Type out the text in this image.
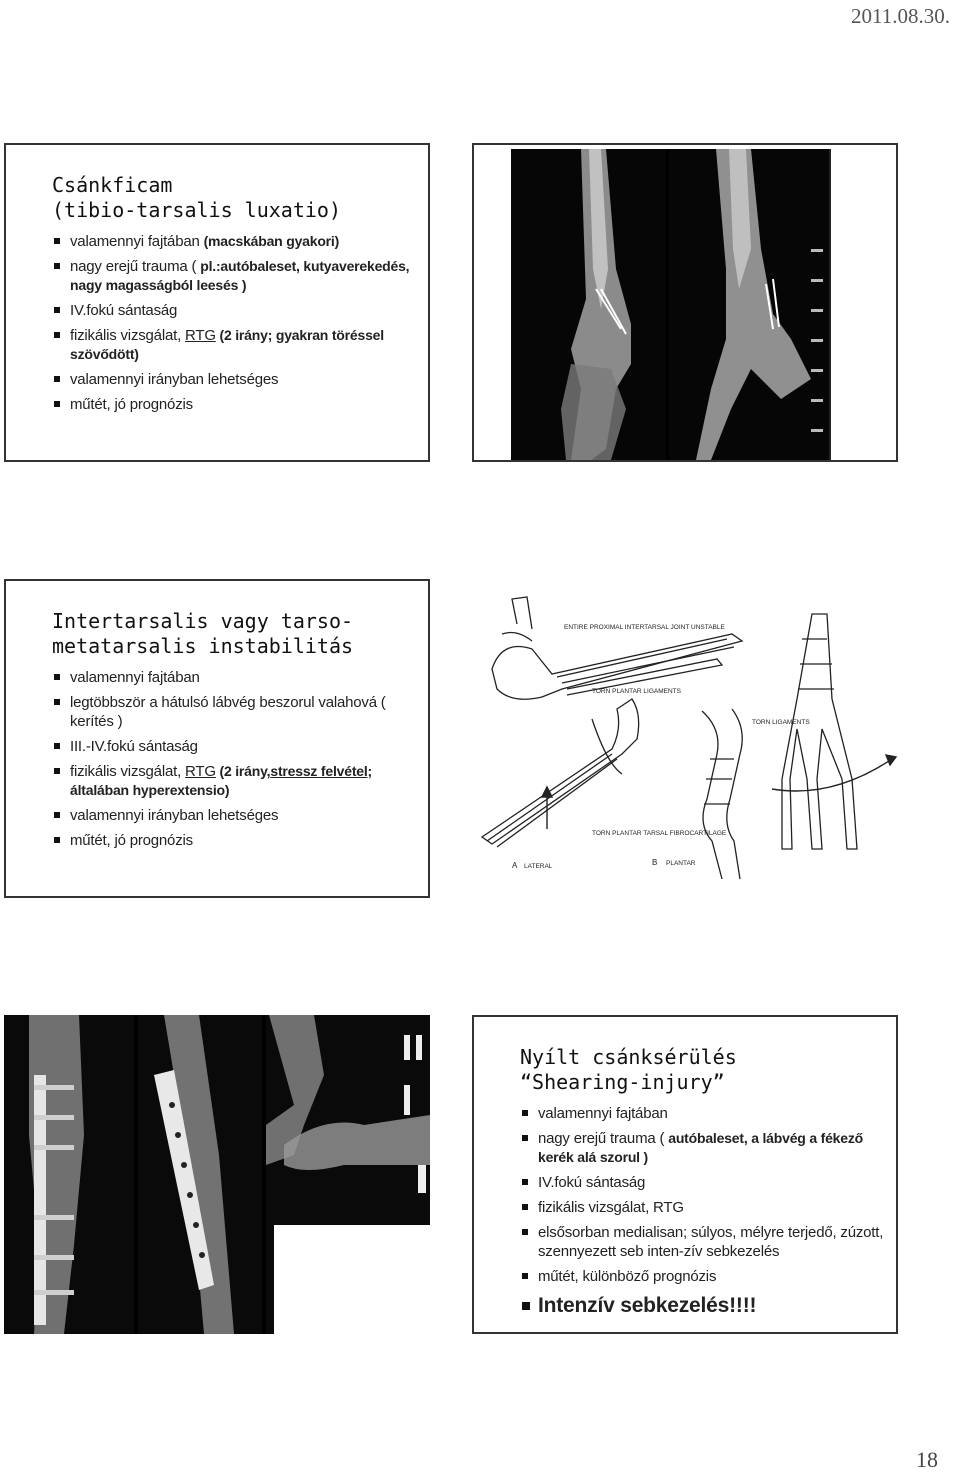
2011.08.30.
Csánkficam
(tibio-tarsalis luxatio)
valamennyi fajtában (macskában gyakori)
nagy erejű trauma ( pl.:autóbaleset, kutyaverekedés, nagy magasságból leesés )
IV.fokú sántaság
fizikális vizsgálat, RTG (2 irány; gyakran töréssel szövődött)
valamennyi irányban lehetséges
műtét, jó prognózis
Intertarsalis vagy tarso-
metatarsalis instabilitás
valamennyi fajtában
legtöbbször a hátulsó lábvég beszorul valahová ( kerítés )
III.-IV.fokú sántaság
fizikális vizsgálat, RTG (2 irány,stressz felvétel; általában hyperextensio)
valamennyi irányban lehetséges
műtét, jó prognózis
ENTIRE PROXIMAL INTERTARSAL JOINT UNSTABLE
TORN PLANTAR LIGAMENTS
TORN LIGAMENTS
TORN PLANTAR TARSAL FIBROCARTILAGE
A LATERAL	B PLANTAR
Nyílt csánksérülés
“Shearing-injury”
valamennyi fajtában
nagy erejű trauma ( autóbaleset, a lábvég a fékező kerék alá szorul )
IV.fokú sántaság
fizikális vizsgálat, RTG
elsősorban medialisan; súlyos, mélyre terjedő, zúzott, szennyezett seb inten-zív sebkezelés
műtét, különböző prognózis
Intenzív sebkezelés!!!!
18
